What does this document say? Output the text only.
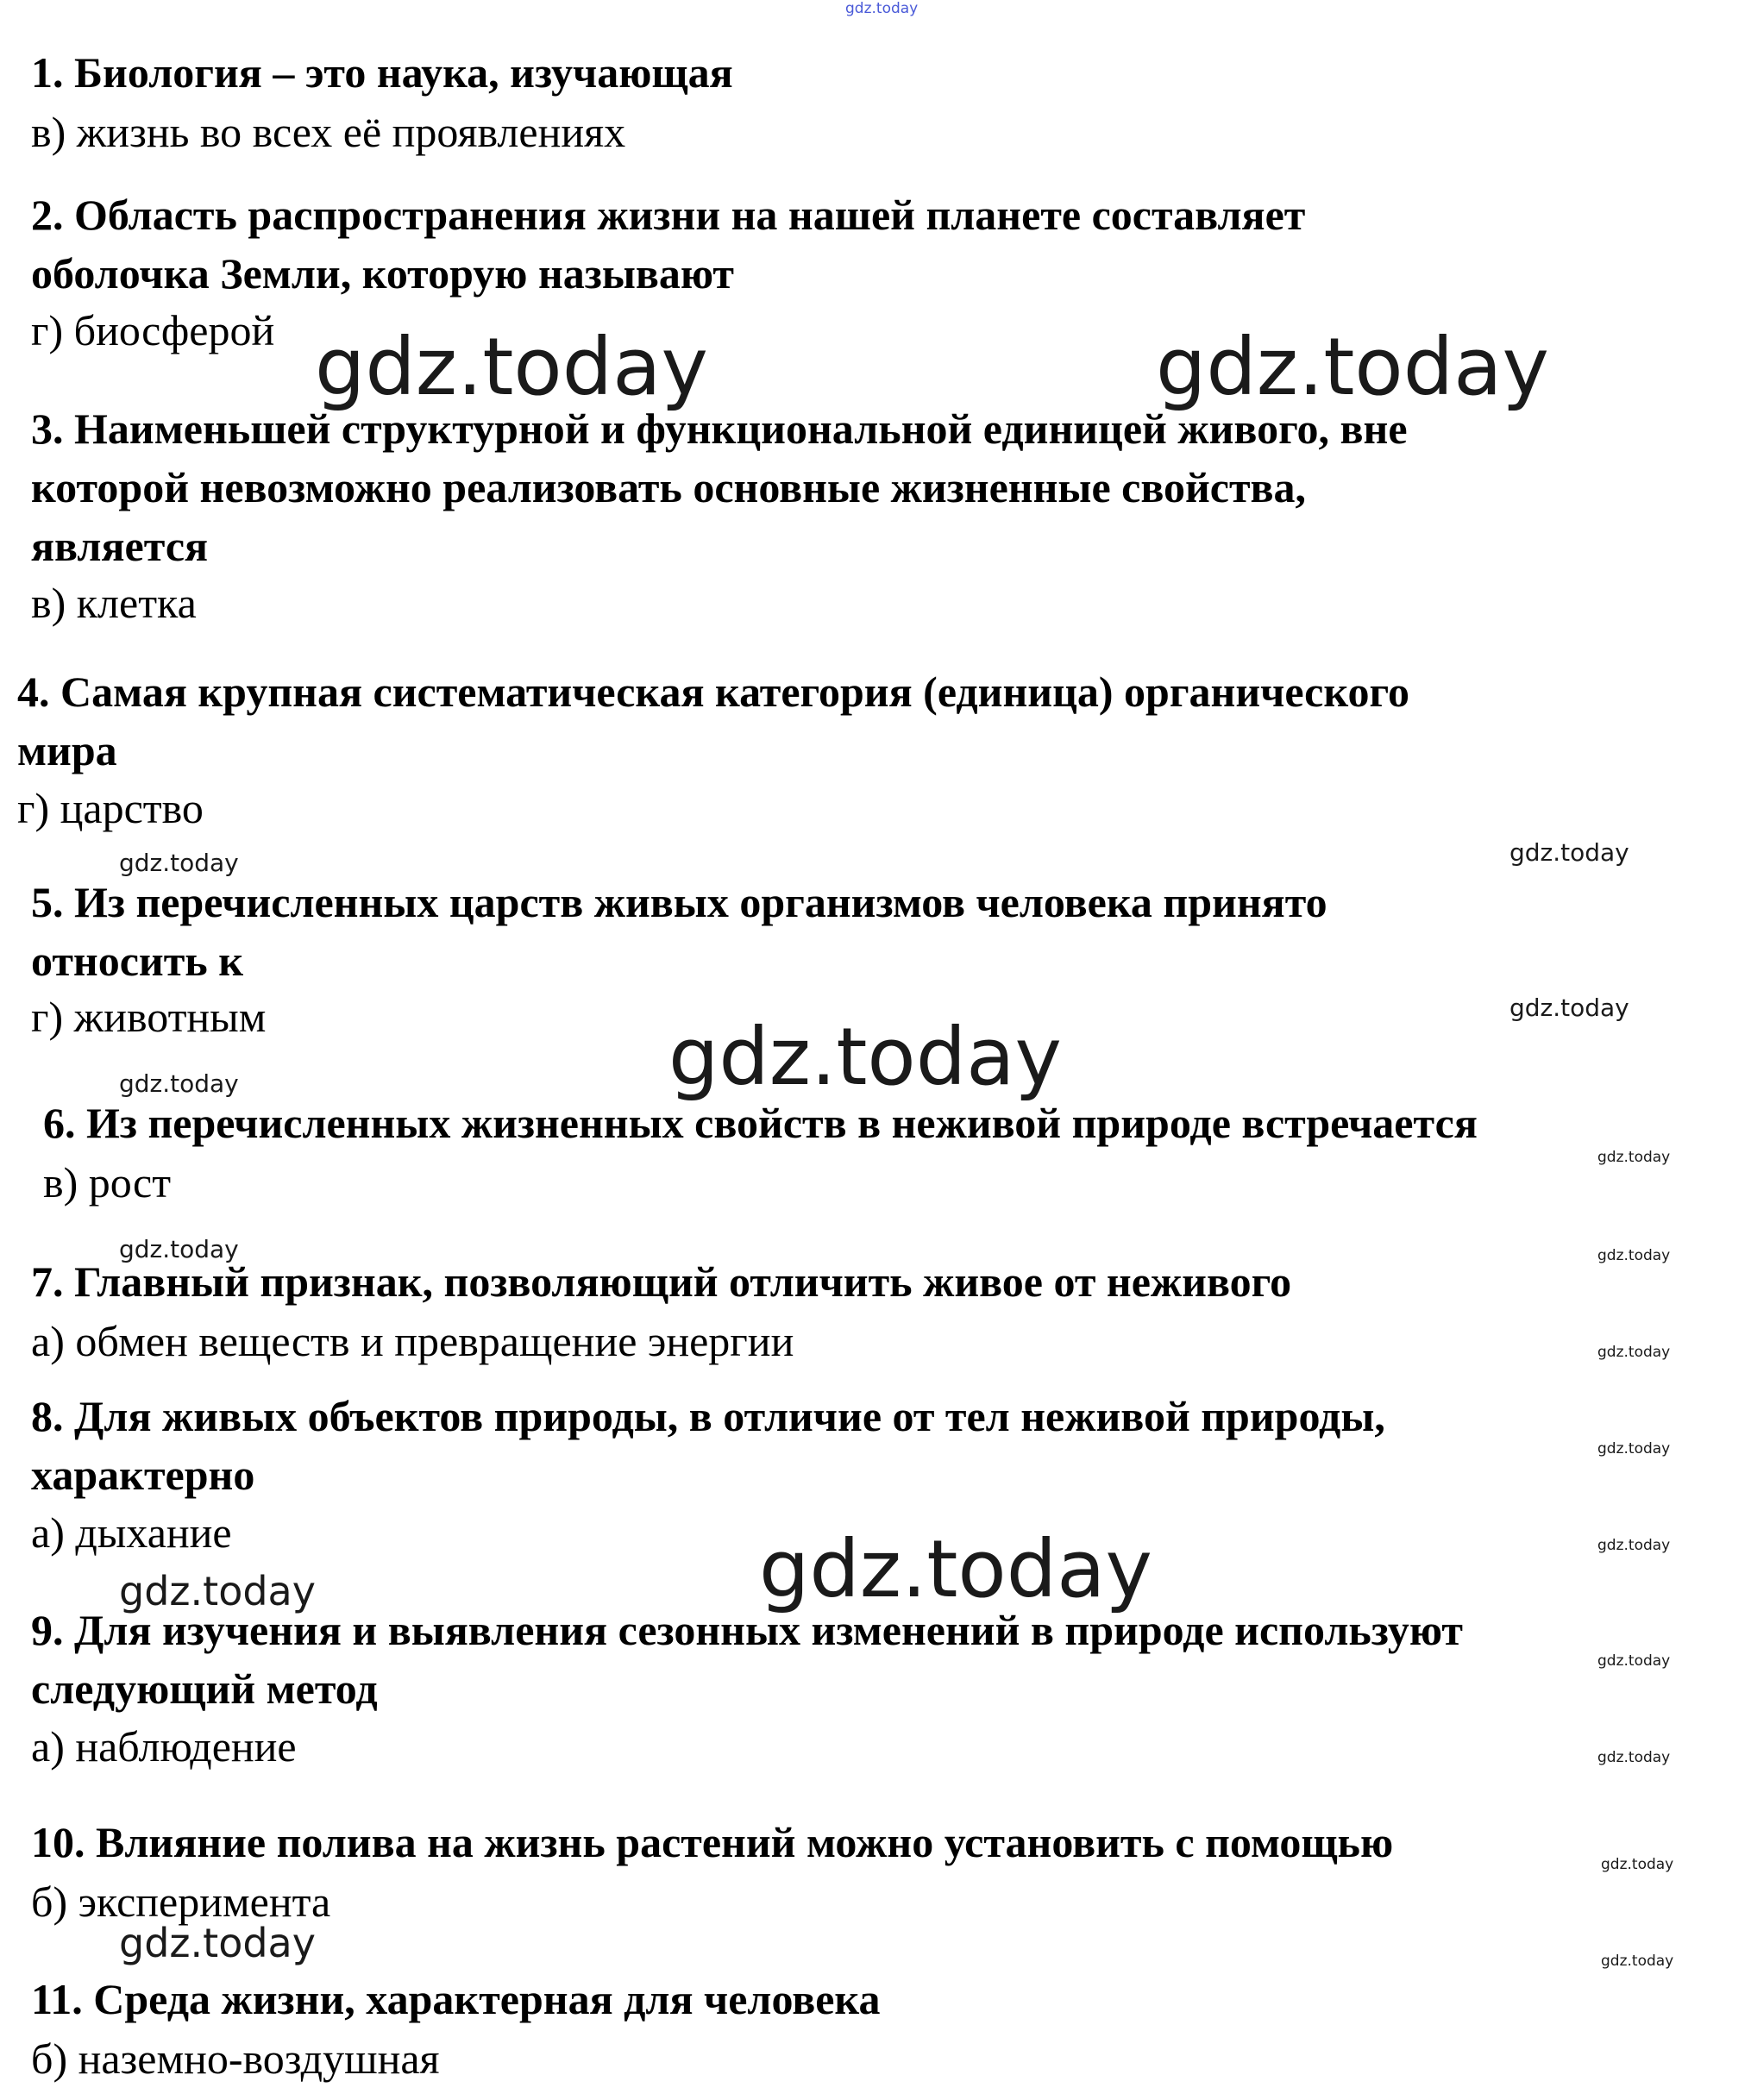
1. Биология – это наука, изучающая

в) жизнь во всех её проявлениях

2. Область распространения жизни на нашей планете составляет
оболочка Земли, которую называют

г) биосферой

3. Наименьшей структурной и функциональной единицей живого, вне
которой невозможно реализовать основные жизненные свойства,
является

в) клетка

4. Самая крупная систематическая категория (единица) органического
мира

г) царство

5. Из перечисленных царств живых организмов человека принято
относить к

г) животным

6. Из перечисленных жизненных свойств в неживой природе встречается

в) рост

7. Главный признак, позволяющий отличить живое от неживого

а) обмен веществ и превращение энергии

8. Для живых объектов природы, в отличие от тел неживой природы,
характерно

а) дыхание

9. Для изучения и выявления сезонных изменений в природе используют
следующий метод

а) наблюдение

10. Влияние полива на жизнь растений можно установить с помощью

б) эксперимента

11. Среда жизни, характерная для человека

б) наземно-воздушная

gdz.today
gdz.today	gdz.today
gdz.today
gdz.today
gdz.today
gdz.today
gdz.today	gdz.today
gdz.today
gdz.today
gdz.today
gdz.today
gdz.today
gdz.today
gdz.today
gdz.today
gdz.today
gdz.today
gdz.today
gdz.today
